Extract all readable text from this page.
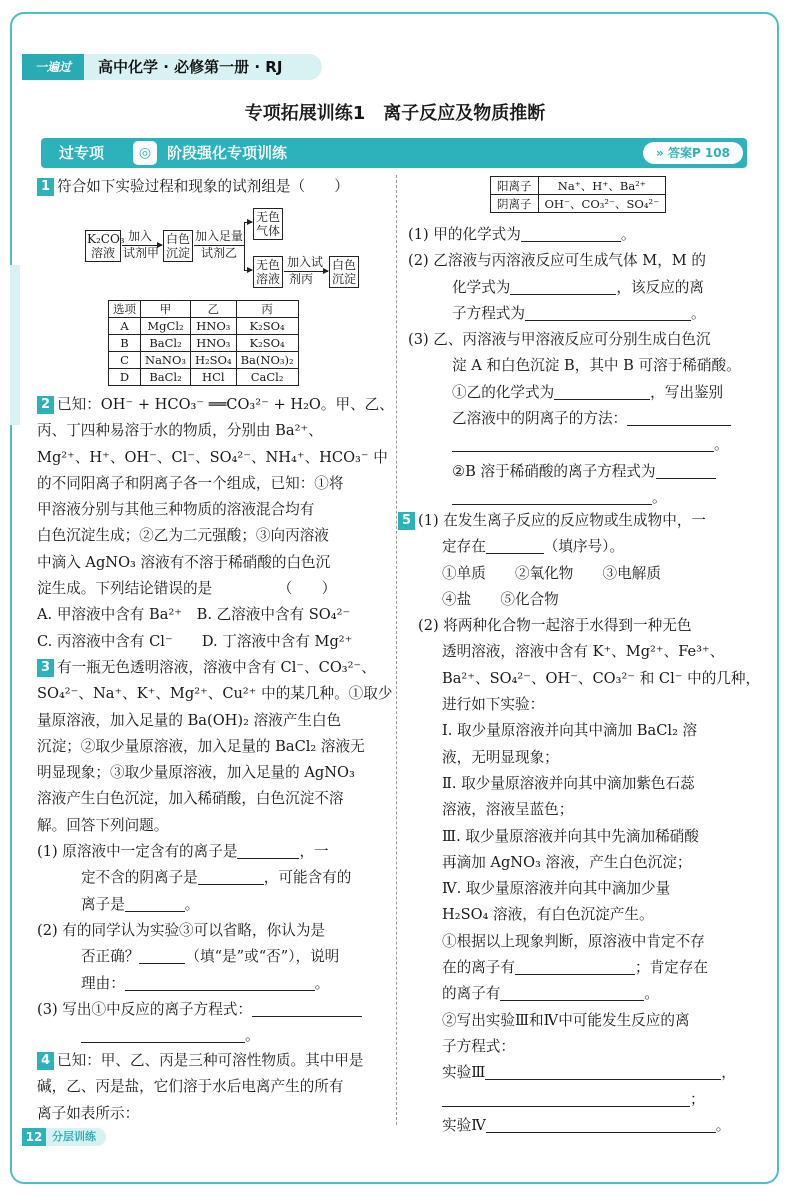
一遍过	高中化学 · 必修第一册 · RJ
专项拓展训练1　离子反应及物质推断
过专项	◎	阶段强化专项训练	» 答案P 108
1 符合如下实验过程和现象的试剂组是（　　）
K₂CO₃
溶液
加入
试剂甲
白色
沉淀
加入足量
试剂乙
无色
气体
无色
溶液
加入试
剂丙
白色
沉淀
选项	甲	乙	丙
A	MgCl₂	HNO₃	K₂SO₄
B	BaCl₂	HNO₃	K₂SO₄
C	NaNO₃	H₂SO₄	Ba(NO₃)₂
D	BaCl₂	HCl	CaCl₂
2 已知：OH⁻ + HCO₃⁻ ══CO₃²⁻ + H₂O。甲、乙、
丙、丁四种易溶于水的物质，分别由 Ba²⁺、
Mg²⁺、H⁺、OH⁻、Cl⁻、SO₄²⁻、NH₄⁺、HCO₃⁻ 中
的不同阳离子和阴离子各一个组成，已知：①将
甲溶液分别与其他三种物质的溶液混合均有
白色沉淀生成；②乙为二元强酸；③向丙溶液
中滴入 AgNO₃ 溶液有不溶于稀硝酸的白色沉
淀生成。下列结论错误的是　　　　　（　　）
A. 甲溶液中含有 Ba²⁺　B. 乙溶液中含有 SO₄²⁻
C. 丙溶液中含有 Cl⁻　　D. 丁溶液中含有 Mg²⁺
3 有一瓶无色透明溶液，溶液中含有 Cl⁻、CO₃²⁻、
SO₄²⁻、Na⁺、K⁺、Mg²⁺、Cu²⁺ 中的某几种。①取少
量原溶液，加入足量的 Ba(OH)₂ 溶液产生白色
沉淀；②取少量原溶液，加入足量的 BaCl₂ 溶液无
明显现象；③取少量原溶液，加入足量的 AgNO₃
溶液产生白色沉淀，加入稀硝酸，白色沉淀不溶
解。回答下列问题。
(1) 原溶液中一定含有的离子是	，一
定不含的阴离子是	，可能含有的
离子是	。
(2) 有的同学认为实验③可以省略，你认为是
否正确？	（填“是”或“否”），说明
理由：	。
(3) 写出①中反应的离子方程式：
。
4 已知：甲、乙、丙是三种可溶性物质。其中甲是
碱，乙、丙是盐，它们溶于水后电离产生的所有
离子如表所示：
阳离子	Na⁺、H⁺、Ba²⁺
阴离子	OH⁻、CO₃²⁻、SO₄²⁻
(1) 甲的化学式为	。
(2) 乙溶液与丙溶液反应可生成气体 M，M 的
化学式为	，该反应的离
子方程式为	。
(3) 乙、丙溶液与甲溶液反应可分别生成白色沉
淀 A 和白色沉淀 B，其中 B 可溶于稀硝酸。
①乙的化学式为	，写出鉴别
乙溶液中的阴离子的方法：
。
②B 溶于稀硝酸的离子方程式为
。
5 (1) 在发生离子反应的反应物或生成物中，一
定存在	（填序号）。
①单质　　②氧化物　　③电解质
④盐　　⑤化合物
(2) 将两种化合物一起溶于水得到一种无色
透明溶液，溶液中含有 K⁺、Mg²⁺、Fe³⁺、
Ba²⁺、SO₄²⁻、OH⁻、CO₃²⁻ 和 Cl⁻ 中的几种，
进行如下实验：
Ⅰ. 取少量原溶液并向其中滴加 BaCl₂ 溶
液，无明显现象；
Ⅱ. 取少量原溶液并向其中滴加紫色石蕊
溶液，溶液呈蓝色；
Ⅲ. 取少量原溶液并向其中先滴加稀硝酸
再滴加 AgNO₃ 溶液，产生白色沉淀；
Ⅳ. 取少量原溶液并向其中滴加少量
H₂SO₄ 溶液，有白色沉淀产生。
①根据以上现象判断，原溶液中肯定不存
在的离子有	；肯定存在
的离子有	。
②写出实验Ⅲ和Ⅳ中可能发生反应的离
子方程式：
实验Ⅲ	，
；
实验Ⅳ	。
12 分层训练
